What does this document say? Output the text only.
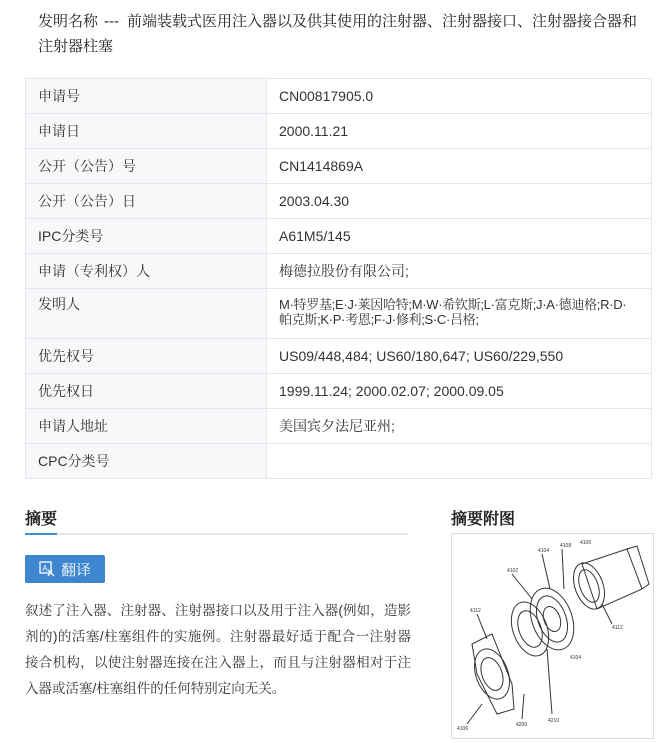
发明名称 --- 前端装载式医用注入器以及供其使用的注射器、注射器接口、注射器接合器和注射器柱塞
申请号	CN00817905.0
申请日	2000.11.21
公开（公告）号	CN1414869A
公开（公告）日	2003.04.30
IPC分类号	A61M5/145
申请（专利权）人	梅德拉股份有限公司;
发明人	M·特罗基;E·J·莱因哈特;M·W·希钦斯;L·富克斯;J·A·德迪格;R·D·帕克斯;K·P·考恩;F·J·修利;S·C·吕格;
优先权号	US09/448,484; US60/180,647; US60/229,550
优先权日	1999.11.24; 2000.02.07; 2000.09.05
申请人地址	美国宾夕法尼亚州;
CPC分类号	
摘要	摘要附图
A 翻译
叙述了注入器、注射器、注射器接口以及用于注入器(例如，造影剂的)的活塞/柱塞组件的实施例。注射器最好适于配合一注射器接合机构，以使注射器连接在注入器上，而且与注射器相对于注入器或活塞/柱塞组件的任何特别定向无关。
4102
4104
4108 4106
4112
4112
4106
4200
4210
4104
